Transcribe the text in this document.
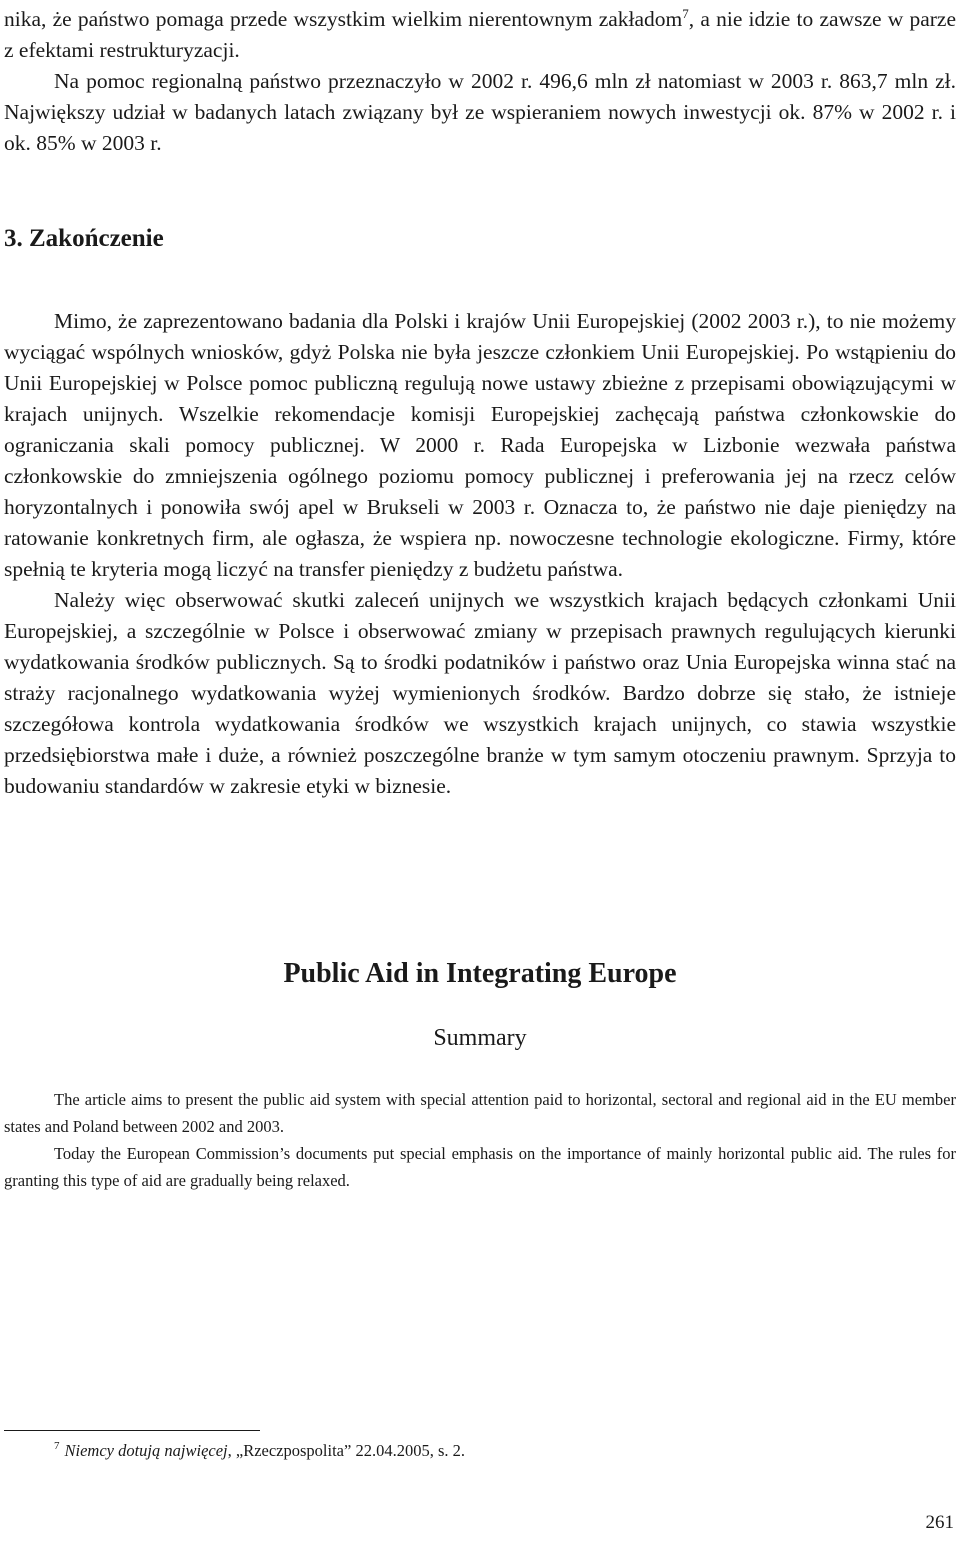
nika, że państwo pomaga przede wszystkim wielkim nierentownym zakładom$^7$, a nie idzie to zawsze w parze z efektami restrukturyzacji.

Na pomoc regionalną państwo przeznaczyło w 2002 r. 496,6 mln zł natomiast w 2003 r. 863,7 mln zł. Największy udział w badanych latach związany był ze wspieraniem nowych inwestycji ok. 87% w 2002 r. i ok. 85% w 2003 r.

3. Zakończenie

Mimo, że zaprezentowano badania dla Polski i krajów Unii Europejskiej (2002 2003 r.), to nie możemy wyciągać wspólnych wniosków, gdyż Polska nie była jeszcze członkiem Unii Europejskiej. Po wstąpieniu do Unii Europejskiej w Polsce pomoc publiczną regulują nowe ustawy zbieżne z przepisami obowiązującymi w krajach unijnych. Wszelkie rekomendacje komisji Europejskiej zachęcają państwa członkowskie do ograniczania skali pomocy publicznej. W 2000 r. Rada Europejska w Lizbonie wezwała państwa członkowskie do zmniejszenia ogólnego poziomu pomocy publicznej i preferowania jej na rzecz celów horyzontalnych i ponowiła swój apel w Brukseli w 2003 r. Oznacza to, że państwo nie daje pieniędzy na ratowanie konkretnych firm, ale ogłasza, że wspiera np. nowoczesne technologie ekologiczne. Firmy, które spełnią te kryteria mogą liczyć na transfer pieniędzy z budżetu państwa.

Należy więc obserwować skutki zaleceń unijnych we wszystkich krajach będących członkami Unii Europejskiej, a szczególnie w Polsce i obserwować zmiany w przepisach prawnych regulujących kierunki wydatkowania środków publicznych. Są to środki podatników i państwo oraz Unia Europejska winna stać na straży racjonalnego wydatkowania wyżej wymienionych środków. Bardzo dobrze się stało, że istnieje szczegółowa kontrola wydatkowania środków we wszystkich krajach unijnych, co stawia wszystkie przedsiębiorstwa małe i duże, a również poszczególne branże w tym samym otoczeniu prawnym. Sprzyja to budowaniu standardów w zakresie etyki w biznesie.

Public Aid in Integrating Europe
Summary

The article aims to present the public aid system with special attention paid to horizontal, sectoral and regional aid in the EU member states and Poland between 2002 and 2003.

Today the European Commission’s documents put special emphasis on the importance of mainly horizontal public aid. The rules for granting this type of aid are gradually being relaxed.

$^7$ Niemcy dotują najwięcej, „Rzeczpospolita” 22.04.2005, s. 2.
261
